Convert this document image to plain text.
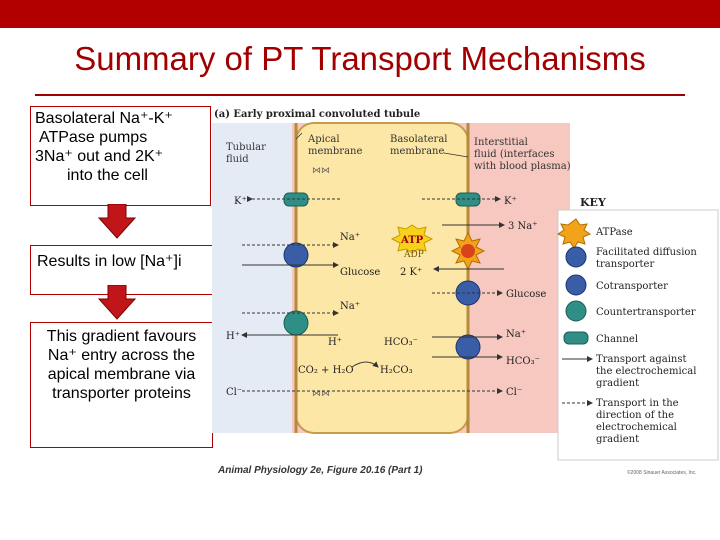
Summary of PT Transport Mechanisms
Basolateral Na⁺-K⁺
ATPase pumps
3Na⁺ out and 2K⁺
into the cell
Results in low [Na⁺]i
This gradient favours
Na⁺ entry across the
apical membrane via
transporter proteins
(a) Early proximal convoluted tubule
Tubular
fluid
Apical
membrane
Basolateral
membrane
Interstitial
fluid (interfaces
with blood plasma)
⋈⋈
⋈⋈
K⁺	K⁺
Na⁺
Glucose
3 Na⁺
ATP
ADP
2 K⁺
Glucose
Na⁺
H⁺
H⁺	HCO₃⁻
Na⁺
HCO₃⁻
CO₂ + H₂O	H₂CO₃
Cl⁻	Cl⁻
KEY
ATPase
Facilitated diffusion
transporter
Cotransporter
Countertransporter
Channel
Transport against
the electrochemical
gradient
Transport in the
direction of the
electrochemical
gradient
Animal Physiology 2e, Figure 20.16 (Part 1)	©2008 Sinauer Associates, Inc.
